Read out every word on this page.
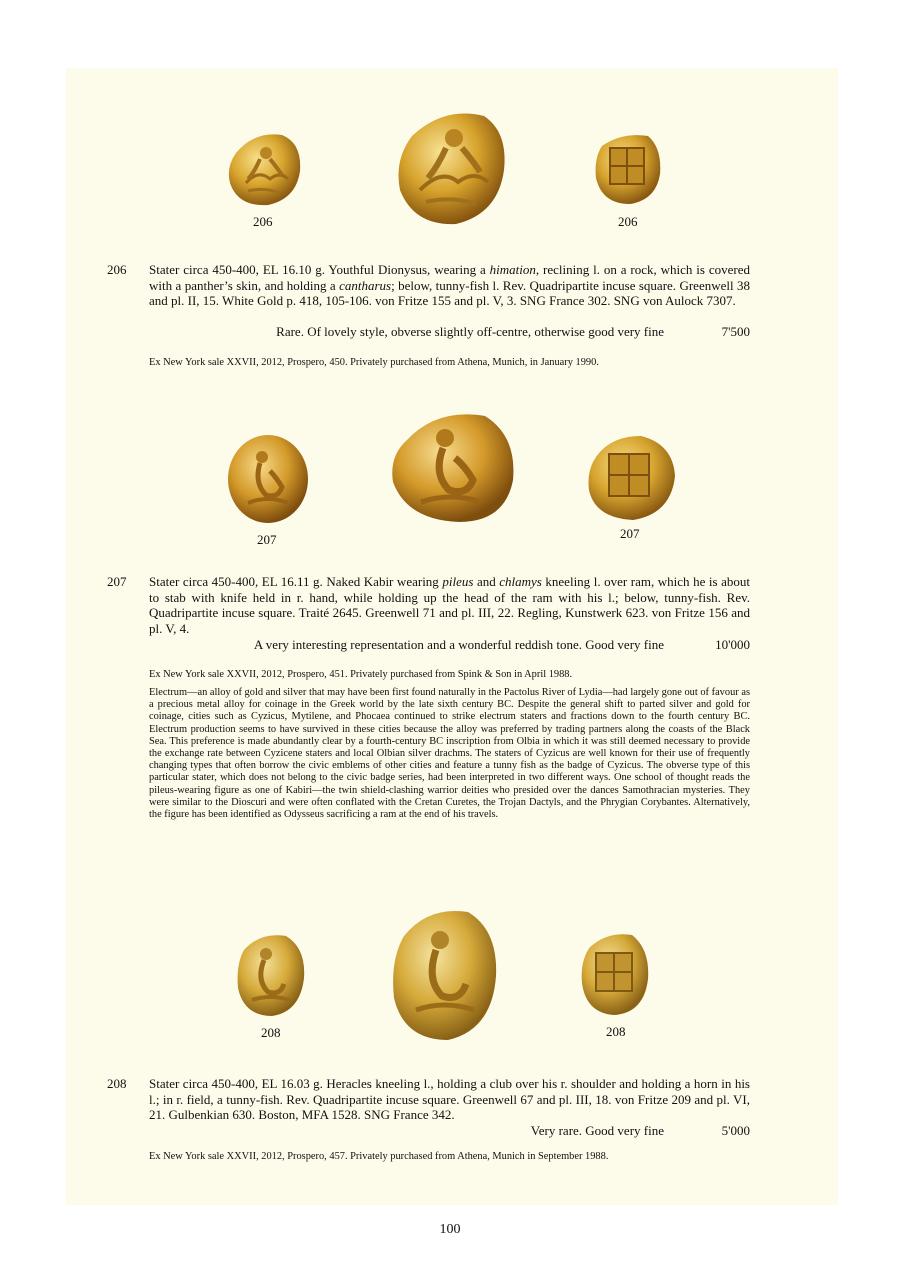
206	206
206 Stater circa 450-400, EL 16.10 g. Youthful Dionysus, wearing a himation, reclining l. on a rock, which is covered with a panther’s skin, and holding a cantharus; below, tunny-fish l. Rev. Quadripartite incuse square. Greenwell 38 and pl. II, 15. White Gold p. 418, 105-106. von Fritze 155 and pl. V, 3. SNG France 302. SNG von Aulock 7307.
Rare. Of lovely style, obverse slightly off-centre, otherwise good very fine	7'500
Ex New York sale XXVII, 2012, Prospero, 450. Privately purchased from Athena, Munich, in January 1990.
207	207
207 Stater circa 450-400, EL 16.11 g. Naked Kabir wearing pileus and chlamys kneeling l. over ram, which he is about to stab with knife held in r. hand, while holding up the head of the ram with his l.; below, tunny-fish. Rev. Quadripartite incuse square. Traité 2645. Greenwell 71 and pl. III, 22. Regling, Kunstwerk 623. von Fritze 156 and pl. V, 4.
A very interesting representation and a wonderful reddish tone. Good very fine	10'000
Ex New York sale XXVII, 2012, Prospero, 451. Privately purchased from Spink & Son in April 1988.
Electrum—an alloy of gold and silver that may have been first found naturally in the Pactolus River of Lydia—had largely gone out of favour as a precious metal alloy for coinage in the Greek world by the late sixth century BC. Despite the general shift to parted silver and gold for coinage, cities such as Cyzicus, Mytilene, and Phocaea continued to strike electrum staters and fractions down to the fourth century BC. Electrum production seems to have survived in these cities because the alloy was preferred by trading partners along the coasts of the Black Sea. This preference is made abundantly clear by a fourth-century BC inscription from Olbia in which it was still deemed necessary to provide the exchange rate between Cyzicene staters and local Olbian silver drachms. The staters of Cyzicus are well known for their use of frequently changing types that often borrow the civic emblems of other cities and feature a tunny fish as the badge of Cyzicus. The obverse type of this particular stater, which does not belong to the civic badge series, had been interpreted in two different ways. One school of thought reads the pileus-wearing figure as one of Kabiri—the twin shield-clashing warrior deities who presided over the dances Samothracian mysteries. They were similar to the Dioscuri and were often conflated with the Cretan Curetes, the Trojan Dactyls, and the Phrygian Corybantes. Alternatively, the figure has been identified as Odysseus sacrificing a ram at the end of his travels.
208	208
208 Stater circa 450-400, EL 16.03 g. Heracles kneeling l., holding a club over his r. shoulder and holding a horn in his l.; in r. field, a tunny-fish. Rev. Quadripartite incuse square. Greenwell 67 and pl. III, 18. von Fritze 209 and pl. VI, 21. Gulbenkian 630. Boston, MFA 1528. SNG France 342.
Very rare. Good very fine	5'000
Ex New York sale XXVII, 2012, Prospero, 457. Privately purchased from Athena, Munich in September 1988.
100
